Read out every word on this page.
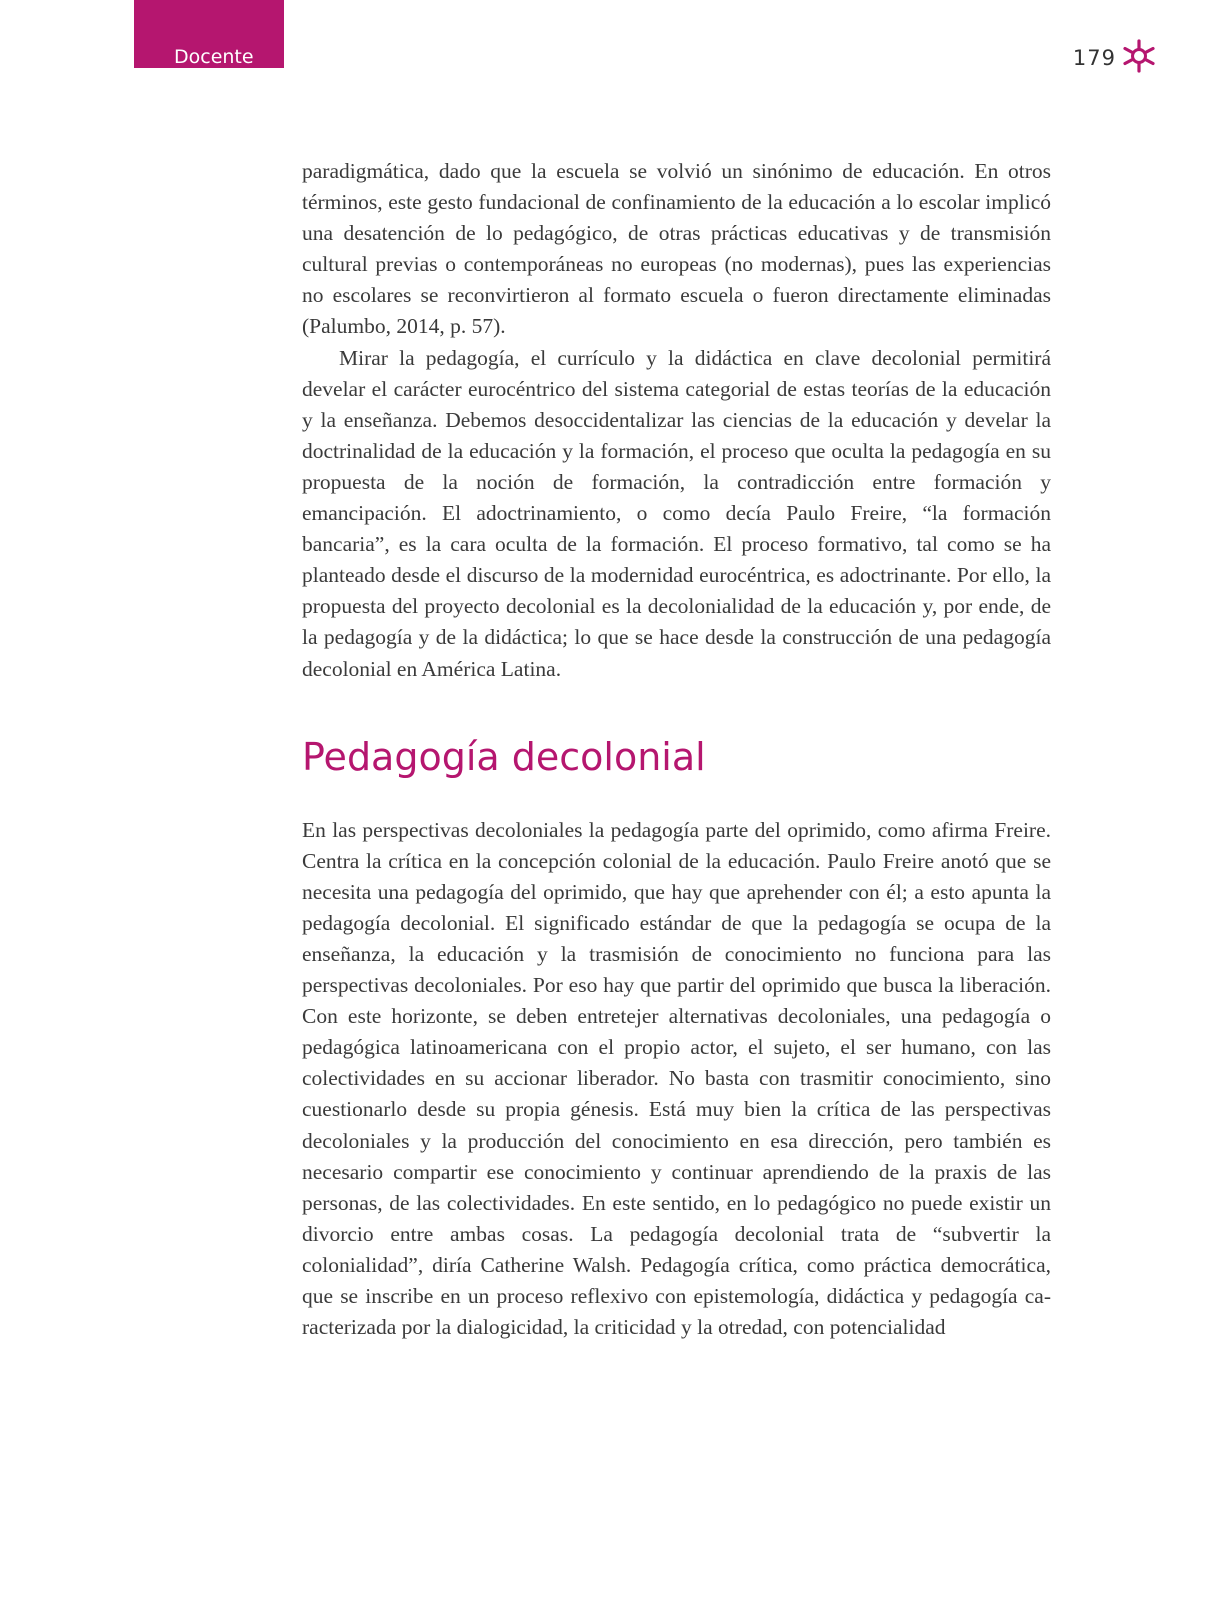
Docente	179

paradigmática, dado que la escuela se volvió un sinónimo de educación. En otros términos, este gesto fundacional de confinamiento de la educación a lo escolar implicó una desatención de lo pedagógico, de otras prácticas educativas y de transmisión cultural previas o contemporáneas no europeas (no modernas), pues las experiencias no escolares se reconvirtieron al formato escuela o fueron directamente eliminadas (Palumbo, 2014, p. 57).

Mirar la pedagogía, el currículo y la didáctica en clave decolonial permitirá develar el carácter eurocéntrico del sistema categorial de estas teorías de la educación y la enseñanza. Debemos desoccidentalizar las ciencias de la educación y develar la doctrinalidad de la educación y la formación, el proceso que oculta la pedagogía en su propuesta de la noción de formación, la contradicción entre formación y emancipación. El adoctrinamiento, o como decía Paulo Freire, “la formación bancaria”, es la cara oculta de la formación. El proceso formativo, tal como se ha planteado desde el discurso de la modernidad eurocéntrica, es adoctrinante. Por ello, la propuesta del proyecto decolonial es la decolonialidad de la educación y, por ende, de la pedagogía y de la didáctica; lo que se hace desde la construcción de una pedagogía decolonial en América Latina.

Pedagogía decolonial

En las perspectivas decoloniales la pedagogía parte del oprimido, como afirma Freire. Centra la crítica en la concepción colonial de la educación. Paulo Freire anotó que se necesita una pedagogía del oprimido, que hay que aprehender con él; a esto apunta la pedagogía decolonial. El significado estándar de que la pedagogía se ocupa de la enseñanza, la educación y la trasmisión de conocimiento no funciona para las perspectivas decoloniales. Por eso hay que partir del oprimido que busca la liberación. Con este horizonte, se deben entretejer alternativas decoloniales, una pedagogía o pedagógica latinoamericana con el propio actor, el sujeto, el ser humano, con las colectividades en su accionar liberador. No basta con trasmitir conocimiento, sino cuestionarlo desde su propia génesis. Está muy bien la crítica de las perspectivas decoloniales y la producción del conocimiento en esa dirección, pero también es necesario compartir ese conocimiento y continuar aprendiendo de la praxis de las personas, de las colectividades. En este sentido, en lo pedagógico no puede existir un divorcio entre ambas cosas. La pedagogía decolonial trata de “subvertir la colonialidad”, diría Catherine Walsh. Pedagogía crítica, como práctica democrática, que se inscribe en un proceso reflexivo con epistemología, didáctica y pedagogía caracterizada por la dialogicidad, la criticidad y la otredad, con potencialidad
